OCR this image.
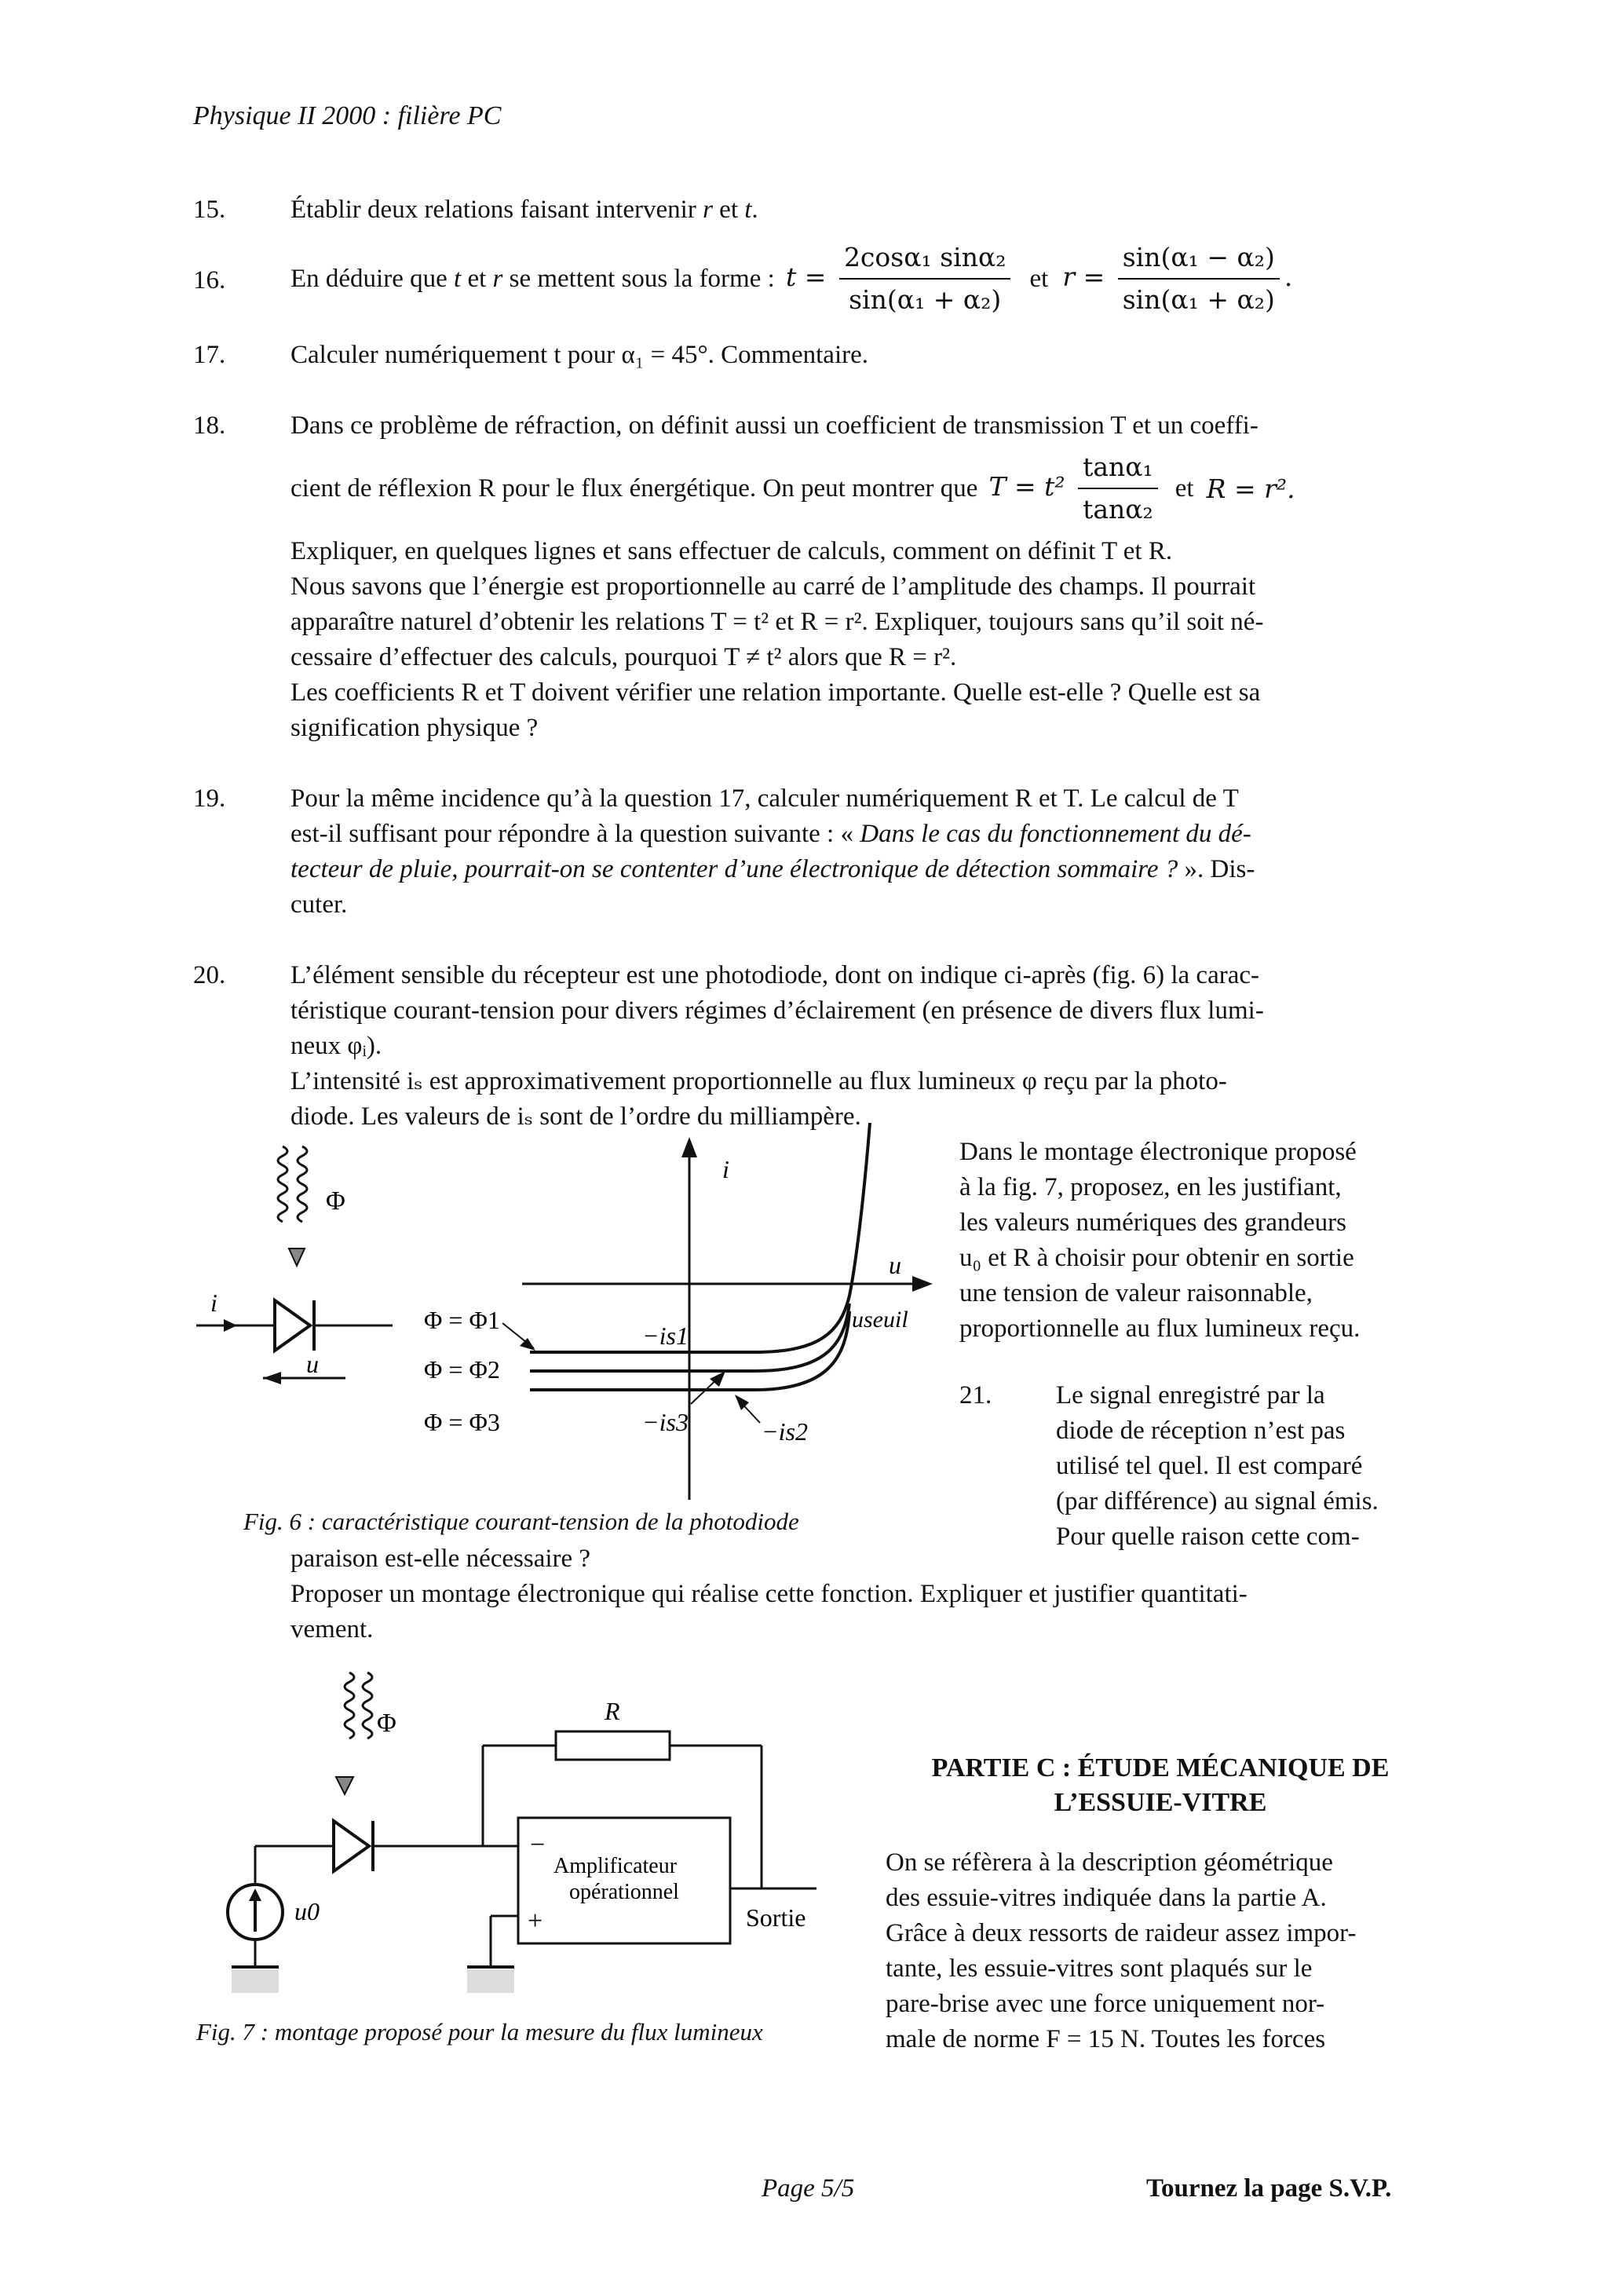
Physique II 2000 : filière PC
15.	Établir deux relations faisant intervenir r et t.
16.	En déduire que t et r se mettent sous la forme : $t = \frac{\text{2cosα₁ sinα₂}}{\text{sin(α₁ + α₂)}}$ et $r = \frac{\text{sin(α₁ − α₂)}}{\text{sin(α₁ + α₂)}}$ .
17.	Calculer numériquement t pour α₁ = 45°. Commentaire.
18.	Dans ce problème de réfraction, on définit aussi un coefficient de transmission T et un coeffi-
cient de réflexion R pour le flux énergétique. On peut montrer que $T = t^2 \frac{\text{tanα₁}}{\text{tanα₂}}$ et R = r².
Expliquer, en quelques lignes et sans effectuer de calculs, comment on définit T et R.
Nous savons que l’énergie est proportionnelle au carré de l’amplitude des champs. Il pourrait
apparaître naturel d’obtenir les relations T = t² et R = r². Expliquer, toujours sans qu’il soit né-
cessaire d’effectuer des calculs, pourquoi T ≠ t² alors que R = r².
Les coefficients R et T doivent vérifier une relation importante. Quelle est-elle ? Quelle est sa
signification physique ?
19.	Pour la même incidence qu’à la question 17, calculer numériquement R et T. Le calcul de T
est-il suffisant pour répondre à la question suivante : « Dans le cas du fonctionnement du dé-
tecteur de pluie, pourrait-on se contenter d’une électronique de détection sommaire ? ». Dis-
cuter.
20.	L’élément sensible du récepteur est une photodiode, dont on indique ci-après (fig. 6) la carac-
téristique courant-tension pour divers régimes d’éclairement (en présence de divers flux lumi-
neux φᵢ).
L’intensité iₛ est approximativement proportionnelle au flux lumineux φ reçu par la photo-
diode. Les valeurs de iₛ sont de l’ordre du milliampère.
Dans le montage électronique proposé
à la fig. 7, proposez, en les justifiant,
les valeurs numériques des grandeurs
u₀ et R à choisir pour obtenir en sortie
une tension de valeur raisonnable,
proportionnelle au flux lumineux reçu.
21. Le signal enregistré par la
diode de réception n’est pas
utilisé tel quel. Il est comparé
(par différence) au signal émis.
Pour quelle raison cette com-
paraison est-elle nécessaire ?
Proposer un montage électronique qui réalise cette fonction. Expliquer et justifier quantitati-
vement.
Φ
i
u
i
u
useuil
Φ = Φ1
Φ = Φ2
Φ = Φ3
−is1
−is3	−is2
Fig. 6 : caractéristique courant-tension de la photodiode
Φ
u0
R
−
+
Amplificateur
opérationnel
Sortie
Fig. 7 : montage proposé pour la mesure du flux lumineux
PARTIE C : ÉTUDE MÉCANIQUE DE
L’ESSUIE-VITRE
On se réfèrera à la description géométrique
des essuie-vitres indiquée dans la partie A.
Grâce à deux ressorts de raideur assez impor-
tante, les essuie-vitres sont plaqués sur le
pare-brise avec une force uniquement nor-
male de norme F = 15 N. Toutes les forces
Page 5/5	Tournez la page S.V.P.
